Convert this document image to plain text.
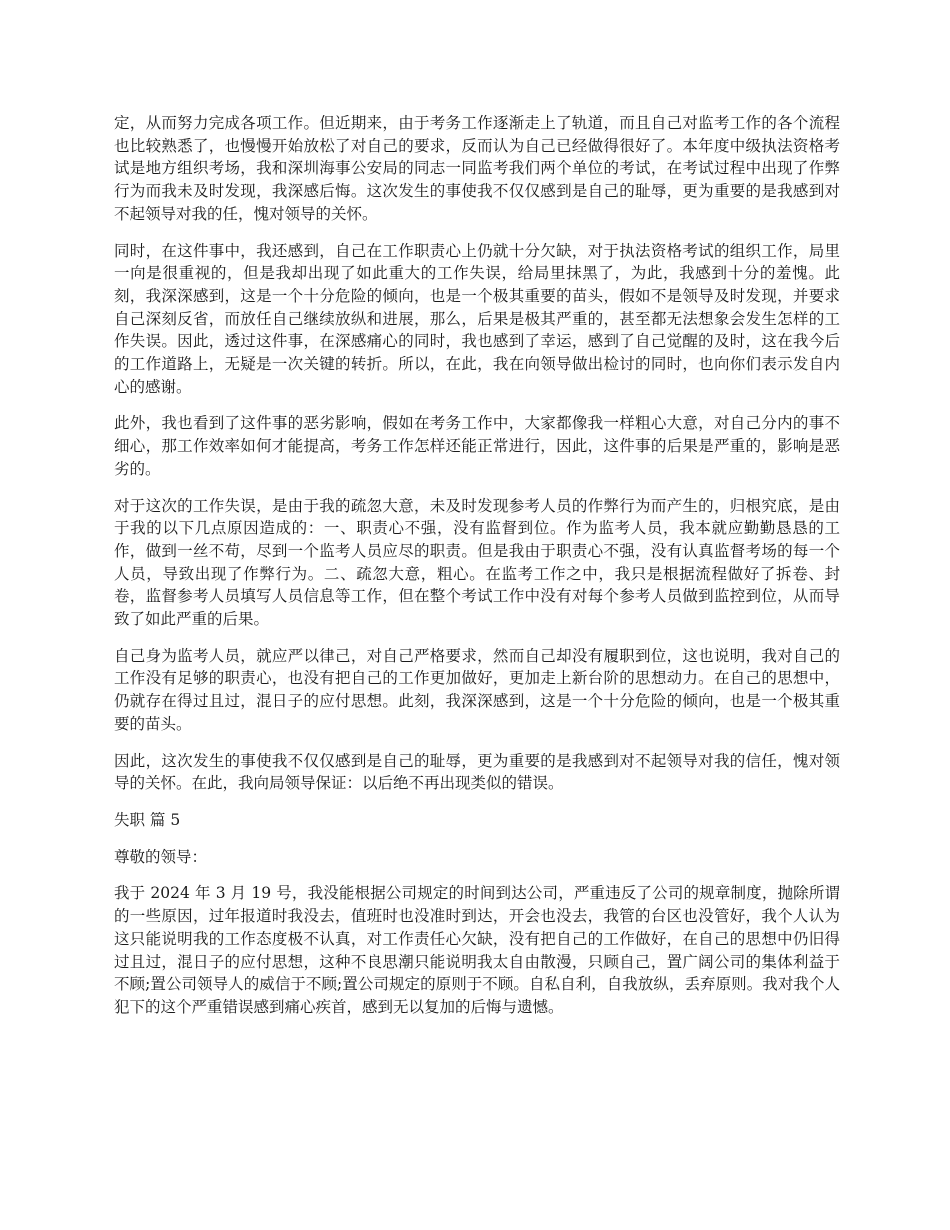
定，从而努力完成各项工作。但近期来，由于考务工作逐渐走上了轨道，而且自己对监考工作的各个流程也比较熟悉了，也慢慢开始放松了对自己的要求，反而认为自己已经做得很好了。本年度中级执法资格考试是地方组织考场，我和深圳海事公安局的同志一同监考我们两个单位的考试，在考试过程中出现了作弊行为而我未及时发现，我深感后悔。这次发生的事使我不仅仅感到是自己的耻辱，更为重要的是我感到对不起领导对我的任，愧对领导的关怀。

同时，在这件事中，我还感到，自己在工作职责心上仍就十分欠缺，对于执法资格考试的组织工作，局里一向是很重视的，但是我却出现了如此重大的工作失误，给局里抹黑了，为此，我感到十分的羞愧。此刻，我深深感到，这是一个十分危险的倾向，也是一个极其重要的苗头，假如不是领导及时发现，并要求自己深刻反省，而放任自己继续放纵和进展，那么，后果是极其严重的，甚至都无法想象会发生怎样的工作失误。因此，透过这件事，在深感痛心的同时，我也感到了幸运，感到了自己觉醒的及时，这在我今后的工作道路上，无疑是一次关键的转折。所以，在此，我在向领导做出检讨的同时，也向你们表示发自内心的感谢。

此外，我也看到了这件事的恶劣影响，假如在考务工作中，大家都像我一样粗心大意，对自己分内的事不细心，那工作效率如何才能提高，考务工作怎样还能正常进行，因此，这件事的后果是严重的，影响是恶劣的。

对于这次的工作失误，是由于我的疏忽大意，未及时发现参考人员的作弊行为而产生的，归根究底，是由于我的以下几点原因造成的：一、职责心不强，没有监督到位。作为监考人员，我本就应勤勤恳恳的工作，做到一丝不苟，尽到一个监考人员应尽的职责。但是我由于职责心不强，没有认真监督考场的每一个人员，导致出现了作弊行为。二、疏忽大意，粗心。在监考工作之中，我只是根据流程做好了拆卷、封卷，监督参考人员填写人员信息等工作，但在整个考试工作中没有对每个参考人员做到监控到位，从而导致了如此严重的后果。

自己身为监考人员，就应严以律己，对自己严格要求，然而自己却没有履职到位，这也说明，我对自己的工作没有足够的职责心，也没有把自己的工作更加做好，更加走上新台阶的思想动力。在自己的思想中，仍就存在得过且过，混日子的应付思想。此刻，我深深感到，这是一个十分危险的倾向，也是一个极其重要的苗头。

因此，这次发生的事使我不仅仅感到是自己的耻辱，更为重要的是我感到对不起领导对我的信任，愧对领导的关怀。在此，我向局领导保证：以后绝不再出现类似的错误。

失职 篇 5

尊敬的领导：

我于 2024 年 3 月 19 号，我没能根据公司规定的时间到达公司，严重违反了公司的规章制度，抛除所谓的一些原因，过年报道时我没去，值班时也没准时到达，开会也没去，我管的台区也没管好，我个人认为这只能说明我的工作态度极不认真，对工作责任心欠缺，没有把自己的工作做好，在自己的思想中仍旧得过且过，混日子的应付思想，这种不良思潮只能说明我太自由散漫，只顾自己，置广阔公司的集体利益于不顾;置公司领导人的威信于不顾;置公司规定的原则于不顾。自私自利，自我放纵，丢弃原则。我对我个人犯下的这个严重错误感到痛心疾首，感到无以复加的后悔与遗憾。
